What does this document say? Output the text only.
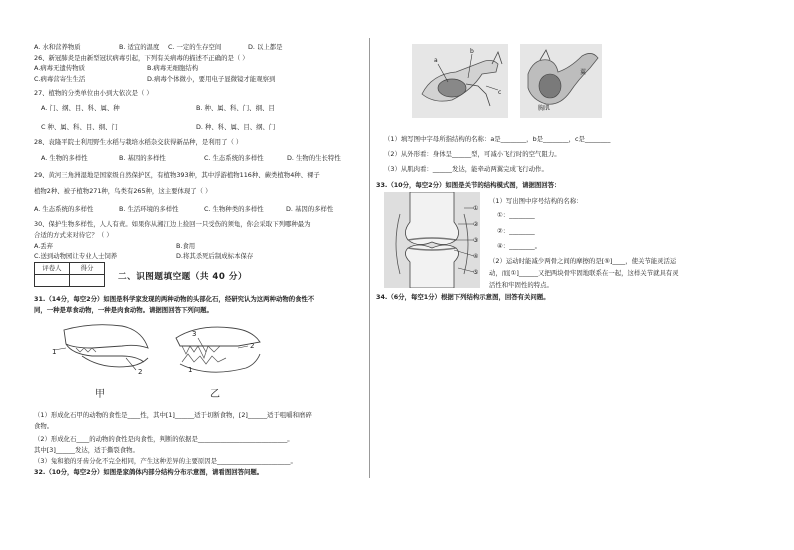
A. 水和营养物质	B. 适宜的温度 C. 一定的生存空间	D. 以上都是
26、新冠肺炎是由新型冠状病毒引起，下列有关病毒的描述不正确的是（ ）
A.病毒无遗传物质	B.病毒无细胞结构
C.病毒营寄生生活	D.病毒个体微小，要用电子显微镜才能观察到
27、植物的分类单位由小到大依次是（ ）
A. 门、纲、目、科、属、种	B. 种、属、科、门、纲、目
C 种、属、科、目、纲、门	D. 种、科、属、目、纲、门
28、袁隆平院士利用野生水稻与栽培水稻杂交获得新品种，是利用了（ ）
A. 生物的多样性	B. 基因的多样性	C. 生态系统的多样性	D. 生物的生长特性
29、黄河三角洲湿地是国家级自然保护区，有植物393种，其中浮游植物116种、蕨类植物4种、裸子
植物2种、被子植物271种，鸟类有265种，这主要体现了（ ）
A. 生态系统的多样性	B. 生活环境的多样性	C. 生物种类的多样性	D. 基因的多样性
30、保护生物多样性，人人有责。如果你从湘江边上捡回一只受伤的须龟，你会采取下列哪种最为
合适的方式来对待它？（ ）
A.丢弃	B.食用
C.送到动物园让专业人士饲养	D.将其杀死后制成标本保存
评卷人	得分

二、识图题填空题（共 40 分）
31.（14分，每空2分）如图是科学家发现的两种动物的头部化石，经研究认为这两种动物的食性不
同，一种是草食动物，一种是肉食动物。请据图回答下列问题。
1
2
甲
3
1
2
乙
（1）形成化石甲的动物的食性是____性，其中[1]______适于切断食物，[2]______适于咀嚼和磨碎
食物。
（2）形成化石____的动物的食性是肉食性，判断的依据是____________________________。
其中[3]______发达，适于撕裂食物。
（3）兔和狼的牙齿分化不完全相同，产生这种差异的主要原因是_______________________。
32.（10分，每空2分）如图是家鸽体内部分结构分布示意图，请看图回答问题。
a
b
c
翼
胸肌
（1）填写图中字母所指结构的名称：a是________，b是________，c是________
（2）从外形看：身体呈______型，可减小飞行时的空气阻力。
（3）从肌肉看：______发达，能牵动两翼完成飞行动作。
33.（10分，每空2分）如图是关节的结构模式图，请据图回答：
①
②
③
④
⑤
（1）写出图中序号结构的名称：
①：________
②：________
④：________。
（2）运动时能减少两骨之间的摩擦的是[⑤]____，使关节能灵活运
动，而[①]______又把两块骨牢固地联系在一起，这样关节就具有灵
活性和牢固性的特点。
34.（6分，每空1分）根据下列结构示意图，回答有关问题。
